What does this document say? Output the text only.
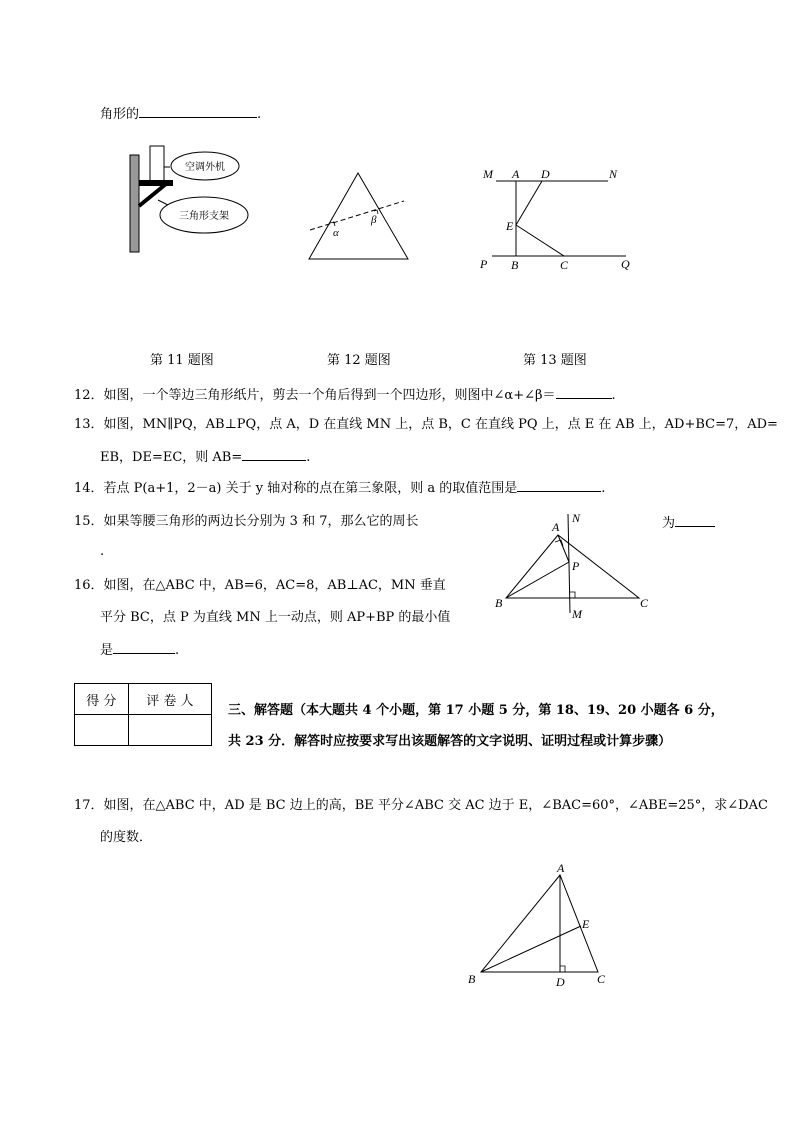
角形的	.
空调外机
三角形支架
α
β
M A D	N
E
P B	C	Q
第 11 题图	第 12 题图	第 13 题图
12．如图，一个等边三角形纸片，剪去一个角后得到一个四边形，则图中∠α+∠β＝	.
13．如图，MN∥PQ，AB⊥PQ，点 A，D 在直线 MN 上，点 B，C 在直线 PQ 上，点 E 在 AB 上，AD+BC=7，AD=
EB，DE=EC，则 AB=	.
14．若点 P(a+1，2－a) 关于 y 轴对称的点在第三象限，则 a 的取值范围是	.
15．如果等腰三角形的两边长分别为 3 和 7，那么它的周长	为
.
16．如图，在△ABC 中，AB=6，AC=8，AB⊥AC，MN 垂直
平分 BC，点 P 为直线 MN 上一动点，则 AP+BP 的最小值
是	.
A
N
P
B	C
M
得 分	评 卷 人

三、解答题（本大题共 4 个小题，第 17 小题 5 分，第 18、19、20 小题各 6 分，
共 23 分．解答时应按要求写出该题解答的文字说明、证明过程或计算步骤）
17．如图，在△ABC 中，AD 是 BC 边上的高，BE 平分∠ABC 交 AC 边于 E，∠BAC=60°，∠ABE=25°，求∠DAC
的度数．
A
E
B	D	C
